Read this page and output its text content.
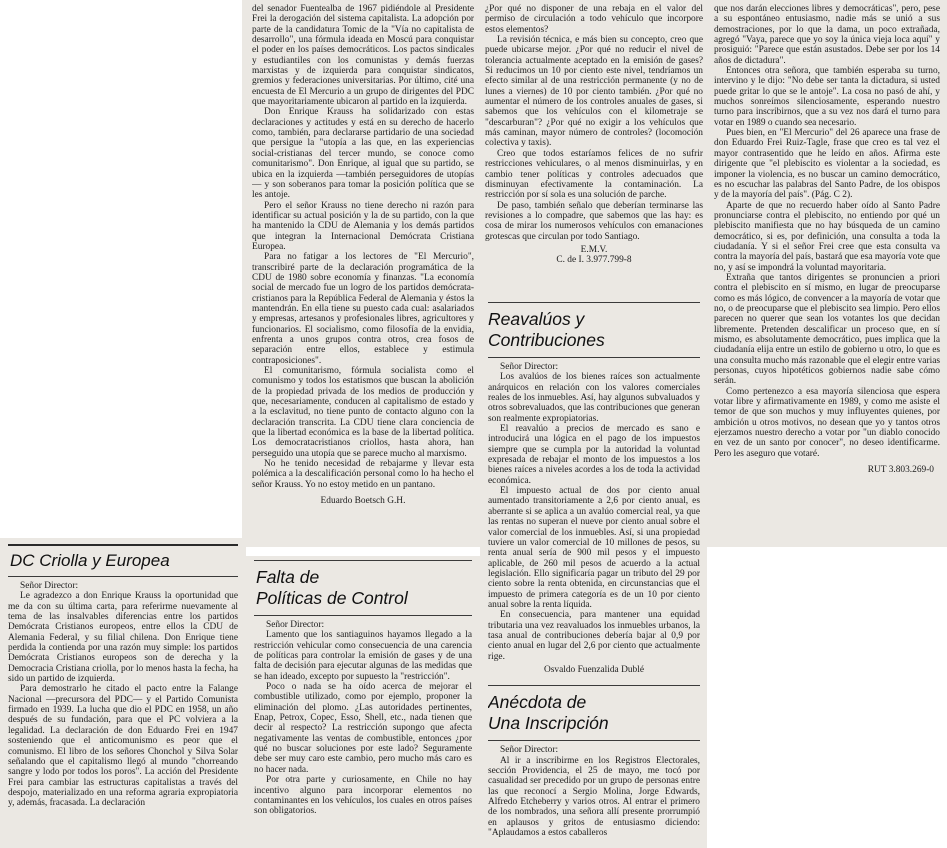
del senador Fuentealba de 1967 pidiéndole al Presidente Frei la derogación del sistema capitalista. La adopción por parte de la candidatura Tomic de la "Vía no capitalista de desarrollo", una fórmula ideada en Moscú para conquistar el poder en los países democráticos. Los pactos sindicales y estudiantiles con los comunistas y demás fuerzas marxistas y de izquierda para conquistar sindicatos, gremios y federaciones universitarias. Por último, cité una encuesta de El Mercurio a un grupo de dirigentes del PDC que mayoritariamente ubicaron al partido en la izquierda.

Don Enrique Krauss ha solidarizado con estas declaraciones y actitudes y está en su derecho de hacerlo como, también, para declararse partidario de una sociedad que persigue la "utopía a las que, en las experiencias social-cristianas del tercer mundo, se conoce como comunitarismo". Don Enrique, al igual que su partido, se ubica en la izquierda —también perseguidores de utopías— y son soberanos para tomar la posición política que se les antoje.

Pero el señor Krauss no tiene derecho ni razón para identificar su actual posición y la de su partido, con la que ha mantenido la CDU de Alemania y los demás partidos que integran la Internacional Demócrata Cristiana Europea.

Para no fatigar a los lectores de "El Mercurio", transcribiré parte de la declaración programática de la CDU de 1980 sobre economía y finanzas. "La economía social de mercado fue un logro de los partidos demócrata-cristianos para la República Federal de Alemania y éstos la mantendrán. En ella tiene su puesto cada cual: asalariados y empresas, artesanos y profesionales libres, agricultores y funcionarios. El socialismo, como filosofía de la envidia, enfrenta a unos grupos contra otros, crea fosos de separación entre ellos, establece y estimula contraposiciones".

El comunitarismo, fórmula socialista como el comunismo y todos los estatismos que buscan la abolición de la propiedad privada de los medios de producción y que, necesariamente, conducen al capitalismo de estado y a la esclavitud, no tiene punto de contacto alguno con la declaración transcrita. La CDU tiene clara conciencia de que la libertad económica es la base de la libertad política. Los democratacristianos criollos, hasta ahora, han perseguido una utopía que se parece mucho al marxismo.

No he tenido necesidad de rebajarme y llevar esta polémica a la descalificación personal como lo ha hecho el señor Krauss. Yo no estoy metido en un pantano.

Eduardo Boetsch G.H.

¿Por qué no disponer de una rebaja en el valor del permiso de circulación a todo vehículo que incorpore estos elementos?

La revisión técnica, e más bien su concepto, creo que puede ubicarse mejor. ¿Por qué no reducir el nivel de tolerancia actualmente aceptado en la emisión de gases? Si reducimos un 10 por ciento este nivel, tendríamos un efecto similar al de una restricción permanente (y no de lunes a viernes) de 10 por ciento también. ¿Por qué no aumentar el número de los controles anuales de gases, si sabemos que los vehículos con el kilometraje se "descarburan"? ¿Por qué no exigir a los vehículos que más caminan, mayor número de controles? (locomoción colectiva y taxis).

Creo que todos estaríamos felices de no sufrir restricciones vehiculares, o al menos disminuirlas, y en cambio tener políticas y controles adecuados que disminuyan efectivamente la contaminación. La restricción por sí sola es una solución de parche.

De paso, también señalo que deberían terminarse las revisiones a lo compadre, que sabemos que las hay: es cosa de mirar los numerosos vehículos con emanaciones grotescas que circulan por todo Santiago.

E.M.V.
C. de I. 3.977.799-8

que nos darán elecciones libres y democráticas", pero, pese a su espontáneo entusiasmo, nadie más se unió a sus demostraciones, por lo que la dama, un poco extrañada, agregó "Vaya, parece que yo soy la única vieja loca aquí" y prosiguió: "Parece que están asustados. Debe ser por los 14 años de dictadura".

Entonces otra señora, que también esperaba su turno, intervino y le dijo: "No debe ser tanta la dictadura, si usted puede gritar lo que se le antoje". La cosa no pasó de ahí, y muchos sonreímos silenciosamente, esperando nuestro turno para inscribirnos, que a su vez nos dará el turno para votar en 1989 o cuando sea necesario.

Pues bien, en "El Mercurio" del 26 aparece una frase de don Eduardo Frei Ruiz-Tagle, frase que creo es tal vez el mayor contrasentido que he leído en años. Afirma este dirigente que "el plebiscito es violentar a la sociedad, es imponer la violencia, es no buscar un camino democrático, es no escuchar las palabras del Santo Padre, de los obispos y de la mayoría del país". (Pág. C 2).

Aparte de que no recuerdo haber oído al Santo Padre pronunciarse contra el plebiscito, no entiendo por qué un plebiscito manifiesta que no hay búsqueda de un camino democrático, si es, por definición, una consulta a toda la ciudadanía. Y si el señor Frei cree que esta consulta va contra la mayoría del país, bastará que esa mayoría vote que no, y así se impondrá la voluntad mayoritaria.

Extraña que tantos dirigentes se pronuncien a priori contra el plebiscito en sí mismo, en lugar de preocuparse como es más lógico, de convencer a la mayoría de votar que no, o de preocuparse que el plebiscito sea limpio. Pero ellos parecen no querer que sean los votantes los que decidan libremente. Pretenden descalificar un proceso que, en sí mismo, es absolutamente democrático, pues implica que la ciudadanía elija entre un estilo de gobierno u otro, lo que es una consulta mucho más razonable que el elegir entre varias personas, cuyos hipotéticos gobiernos nadie sabe cómo serán.

Como pertenezco a esa mayoría silenciosa que espera votar libre y afirmativamente en 1989, y como me asiste el temor de que son muchos y muy influyentes quienes, por ambición u otros motivos, no desean que yo y tantos otros ejerzamos nuestro derecho a votar por "un diablo conocido en vez de un santo por conocer", no deseo identificarme. Pero les aseguro que votaré.

RUT 3.803.269-0
Reavalúos y
Contribuciones

Señor Director:

Los avalúos de los bienes raíces son actualmente anárquicos en relación con los valores comerciales reales de los inmuebles. Así, hay algunos subvaluados y otros sobrevaluados, que las contribuciones que generan son realmente expropiatorias.

El reavalúo a precios de mercado es sano e introducirá una lógica en el pago de los impuestos siempre que se cumpla por la autoridad la voluntad expresada de rebajar el monto de los impuestos a los bienes raíces a niveles acordes a los de toda la actividad económica.

El impuesto actual de dos por ciento anual aumentado transitoriamente a 2,6 por ciento anual, es aberrante si se aplica a un avalúo comercial real, ya que las rentas no superan el nueve por ciento anual sobre el valor comercial de los inmuebles. Así, si una propiedad tuviere un valor comercial de 10 millones de pesos, su renta anual sería de 900 mil pesos y el impuesto aplicable, de 260 mil pesos de acuerdo a la actual legislación. Ello significaría pagar un tributo del 29 por ciento sobre la renta obtenida, en circunstancias que el impuesto de primera categoría es de un 10 por ciento anual sobre la renta líquida.

En consecuencia, para mantener una equidad tributaria una vez reavaluados los inmuebles urbanos, la tasa anual de contribuciones debería bajar al 0,9 por ciento anual en lugar del 2,6 por ciento que actualmente rige.

Osvaldo Fuenzalida Dublé
Anécdota de
Una Inscripción

Señor Director:

Al ir a inscribirme en los Registros Electorales, sección Providencia, el 25 de mayo, me tocó por casualidad ser precedido por un grupo de personas entre las que reconocí a Sergio Molina, Jorge Edwards, Alfredo Etcheberry y varios otros. Al entrar el primero de los nombrados, una señora allí presente prorrumpió en aplausos y gritos de entusiasmo diciendo: "Aplaudamos a estos caballeros

DC Criolla y Europea

Señor Director:

Le agradezco a don Enrique Krauss la oportunidad que me da con su última carta, para referirme nuevamente al tema de las insalvables diferencias entre los partidos Demócrata Cristianos europeos, entre ellos la CDU de Alemania Federal, y su filial chilena. Don Enrique tiene perdida la contienda por una razón muy simple: los partidos Demócrata Cristianos europeos son de derecha y la Democracia Cristiana criolla, por lo menos hasta la fecha, ha sido un partido de izquierda.

Para demostrarlo he citado el pacto entre la Falange Nacional —precursora del PDC— y el Partido Comunista firmado en 1939. La lucha que dio el PDC en 1958, un año después de su fundación, para que el PC volviera a la legalidad. La declaración de don Eduardo Frei en 1947 sosteniendo que el anticomunismo es peor que el comunismo. El libro de los señores Chonchol y Silva Solar señalando que el capitalismo llegó al mundo "chorreando sangre y lodo por todos los poros". La acción del Presidente Frei para cambiar las estructuras capitalistas a través del despojo, materializado en una reforma agraria expropiatoria y, además, fracasada. La declaración

Falta de
Políticas de Control

Señor Director:

Lamento que los santiaguinos hayamos llegado a la restricción vehicular como consecuencia de una carencia de políticas para controlar la emisión de gases y de una falta de decisión para ejecutar algunas de las medidas que se han ideado, excepto por supuesto la "restricción".

Poco o nada se ha oído acerca de mejorar el combustible utilizado, como por ejemplo, proponer la eliminación del plomo. ¿Las autoridades pertinentes, Enap, Petrox, Copec, Esso, Shell, etc., nada tienen que decir al respecto? La restricción supongo que afecta negativamente las ventas de combustible, entonces ¿por qué no buscar soluciones por este lado? Seguramente debe ser muy caro este cambio, pero mucho más caro es no hacer nada.

Por otra parte y curiosamente, en Chile no hay incentivo alguno para incorporar elementos no contaminantes en los vehículos, los cuales en otros países son obligatorios.
